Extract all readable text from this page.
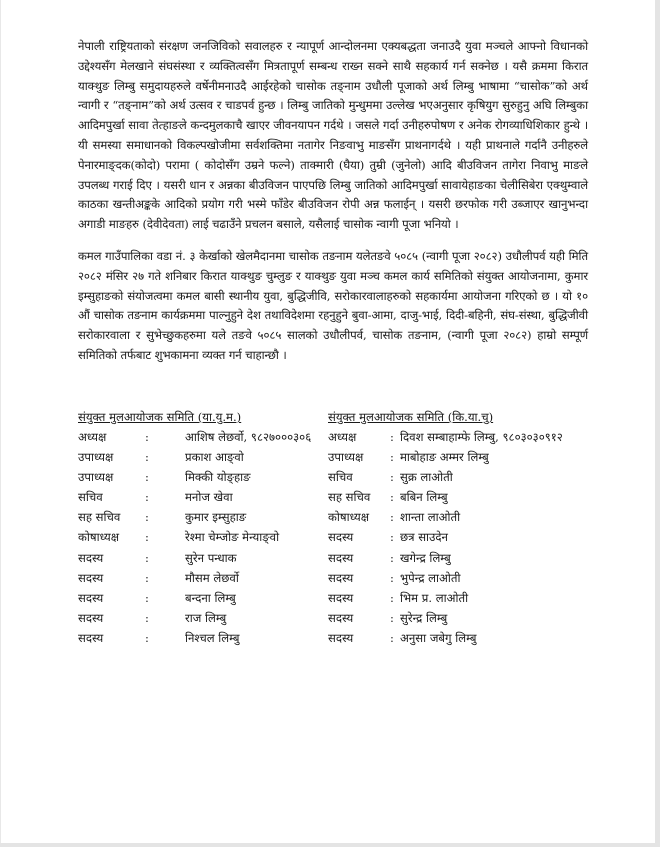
नेपाली राष्ट्रियताको संरक्षण जनजिविको सवालहरु र न्यापूर्ण आन्दोलनमा एक्यबद्धता जनाउदै युवा मञ्चले आफ्नो विधानको उद्देश्यसँग मेलखाने संघसंस्था र व्यक्तित्वसँग मित्रतापूर्ण सम्बन्ध राख्न सक्ने साथै सहकार्य गर्न सक्नेछ । यसै क्रममा किरात याक्थुङ लिम्बु समुदायहरुले वर्षेनीमनाउदै आईरहेको चासोक तङ्नाम उधौली पूजाको अर्थ लिम्बु भाषामा “चासोक”को अर्थ न्वागी र “तङ्नाम”को अर्थ उत्सव र चाडपर्व हुन्छ । लिम्बु जातिको मुन्धुममा उल्लेख भएअनुसार कृषियुग सुरुहुनु अघि लिम्बुका आदिमपुर्खा सावा तेत्हाङले कन्दमुलकाचै खाएर जीवनयापन गर्दथे । जसले गर्दा उनीहरुपोषण र अनेक रोगव्याधिशिकार हुन्थे । यी समस्या समाधानको विकल्पखोजीमा सर्वशक्तिमा नतागेर निङवाभु माङसँग प्राथनागर्दथे । यही प्राथनाले गर्दानै उनीहरुले पेनारमाङ्दक(कोदो) परामा ( कोदोसँग उम्रने फल्ने) ताक्मारी (घैया) तुम्री (जुनेलो) आदि बीउविजन तागेरा निवाभु माङले उपलब्ध गराई दिए । यसरी धान र अन्नका बीउविजन पाएपछि लिम्बु जातिको आदिमपुर्खा सावायेहाङका चेलीसिबेरा एक्थुम्वाले काठका खन्तीअङ्कके आदिको प्रयोग गरी भस्मे फाँडेर बीउविजन रोपी अन्न फलाईन् । यसरी छरफोक गरी उब्जाएर खानुभन्दा अगाडी माङहरु (देवीदेवता) लाई चढाउँने प्रचलन बसाले, यसैलाई चासोक न्वागी पूजा भनियो ।

कमल गाउँपालिका वडा नं. ३ केर्खाको खेलमैदानमा चासोक तङनाम यलेतङवे ५०८५ (न्वागी पूजा २०८२) उधौलीपर्व यही मिति २०८२ मंसिर २७ गते शनिबार किरात याक्थुङ चुम्लुङ र याक्थुङ युवा मञ्च कमल कार्य समितिको संयुक्त आयोजनामा, कुमार इम्सुहाङको संयोजत्वमा कमल बासी स्थानीय युवा, बुद्धिजीवि, सरोकारवालाहरुको सहकार्यमा आयोजना गरिएको छ । यो १० औं चासोक तङनाम कार्यक्रममा पाल्नुहुने देश तथाविदेशमा रहनुहुने बुवा-आमा, दाजु-भाई, दिदी-बहिनी, संघ-संस्था, बुद्धिजीवी सरोकारवाला र सुभेच्छुकहरुमा यले तङवे ५०८५ सालको उधौलीपर्व, चासोक तङनाम, (न्वागी पूजा २०८२) हाम्रो सम्पूर्ण समितिको तर्फबाट शुभकामना व्यक्त गर्न चाहान्छौ ।

संयुक्त मुलआयोजक समिति (या.यु.म.)
अध्यक्ष	:	आशिष लेछर्वो, ९८२७०००३०६
उपाध्यक्ष	:	प्रकाश आङ्वो
उपाध्यक्ष	:	मिक्की योङ्हाङ
सचिव	:	मनोज खेवा
सह सचिव	:	कुमार इम्सुहाङ
कोषाध्यक्ष	:	रेश्मा चेम्जोङ मेन्याङ्वो
सदस्य	:	सुरेन पन्धाक
सदस्य	:	मौसम लेछर्वो
सदस्य	:	बन्दना लिम्बु
सदस्य	:	राज लिम्बु
सदस्य	:	निश्चल लिम्बु
संयुक्त मुलआयोजक समिति (कि.या.चु)
अध्यक्ष	: दिवश सम्बाहाम्फे लिम्बु, ९८०३०३०९१२
उपाध्यक्ष	: माबोहाङ अम्मर लिम्बु
सचिव	: सुक्र लाओती
सह सचिव	: बबिन लिम्बु
कोषाध्यक्ष	: शान्ता लाओती
सदस्य	: छत्र साउदेन
सदस्य	: खगेन्द्र लिम्बु
सदस्य	: भुपेन्द्र लाओती
सदस्य	: भिम प्र. लाओती
सदस्य	: सुरेन्द्र लिम्बु
सदस्य	: अनुसा जबेगु लिम्बु
